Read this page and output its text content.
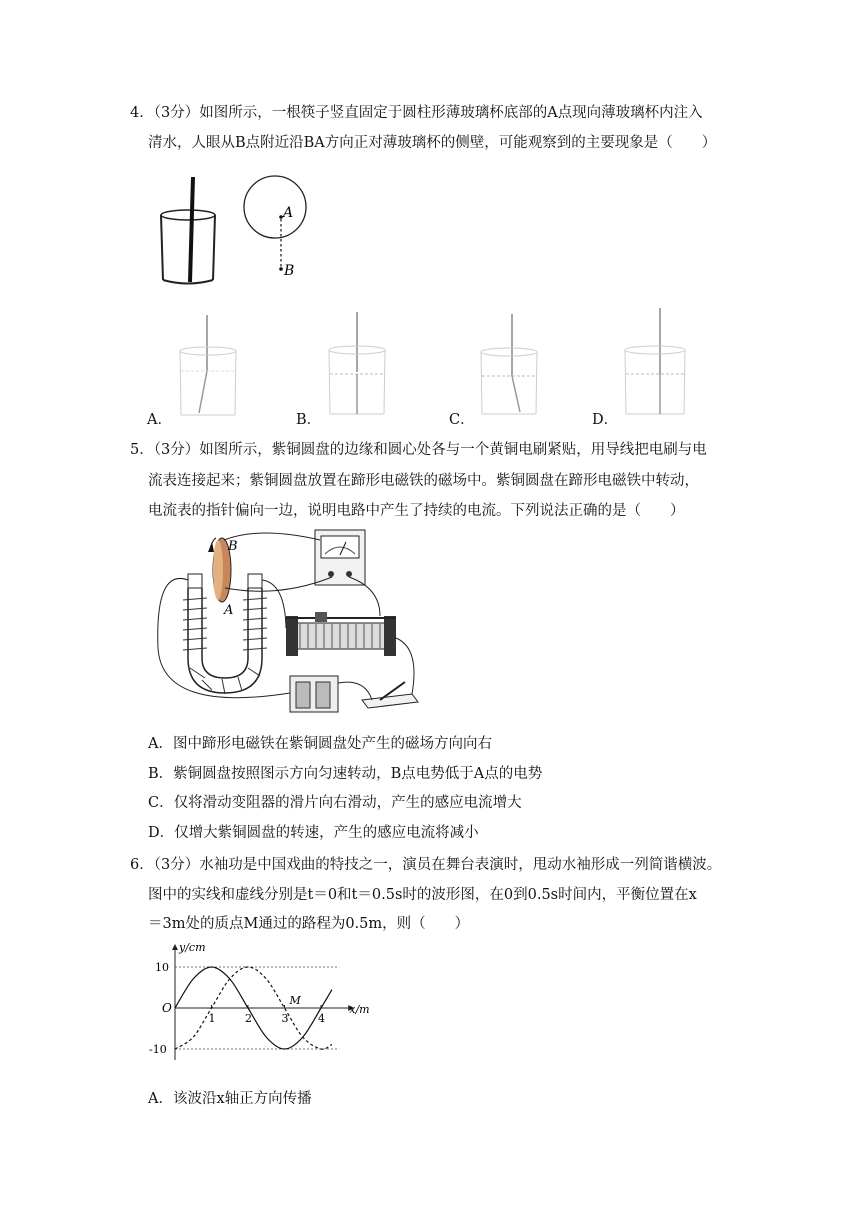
4．（3分）如图所示，一根筷子竖直固定于圆柱形薄玻璃杯底部的A点现向薄玻璃杯内注入
清水，人眼从B点附近沿BA方向正对薄玻璃杯的侧壁，可能观察到的主要现象是（　　）
A
B
A．	B．	C．	D．
5．（3分）如图所示，紫铜圆盘的边缘和圆心处各与一个黄铜电刷紧贴，用导线把电刷与电
流表连接起来；紫铜圆盘放置在蹄形电磁铁的磁场中。紫铜圆盘在蹄形电磁铁中转动，
电流表的指针偏向一边，说明电路中产生了持续的电流。下列说法正确的是（　　）
B
A
A．图中蹄形电磁铁在紫铜圆盘处产生的磁场方向向右
B．紫铜圆盘按照图示方向匀速转动，B点电势低于A点的电势
C．仅将滑动变阻器的滑片向右滑动，产生的感应电流增大
D．仅增大紫铜圆盘的转速，产生的感应电流将减小
6．（3分）水袖功是中国戏曲的特技之一，演员在舞台表演时，甩动水袖形成一列简谐横波。
图中的实线和虚线分别是t＝0和t＝0.5s时的波形图，在0到0.5s时间内，平衡位置在x
＝3m处的质点M通过的路程为0.5m，则（　　）
1	2	3	4
10
-10
x/m
y/cm
O
M
A．该波沿x轴正方向传播
